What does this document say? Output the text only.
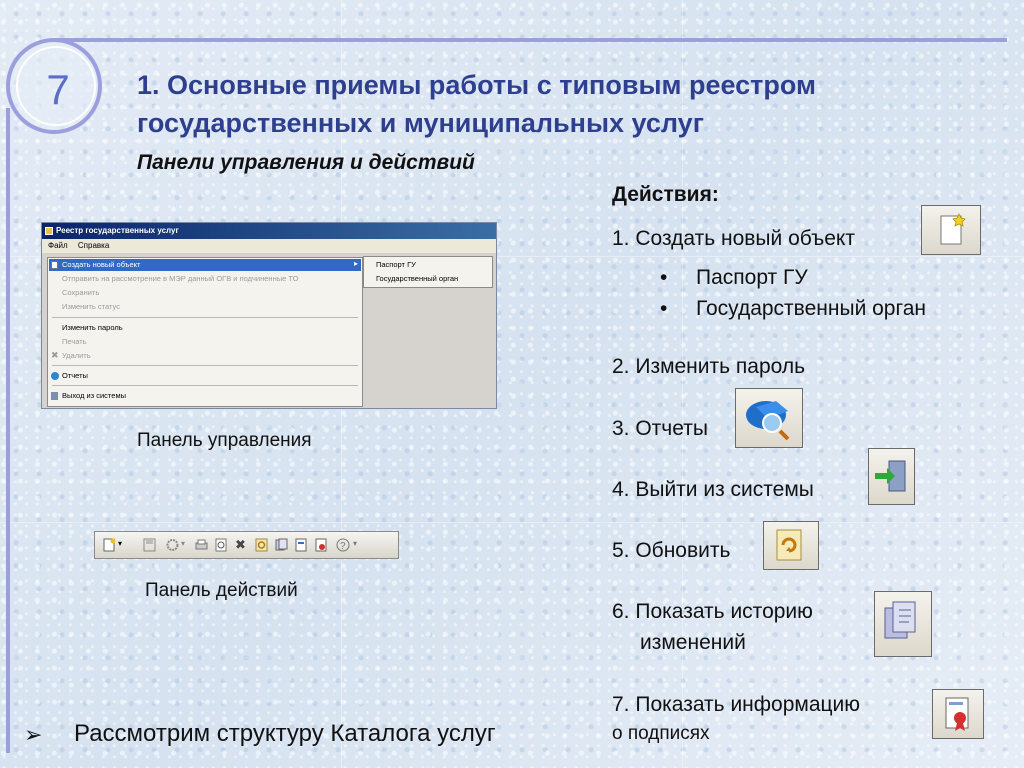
7	1. Основные приемы работы с типовым реестром государственных и муниципальных услуг
Панели управления и действий
Реестр государственных услуг
Файл Справка
Создать новый объект	▸
Отправить на рассмотрение в МЭР данный ОГВ и подчиненные ТО
Сохранить
Изменить статус
Изменить пароль
Печать
✖ Удалить
Отчеты
Выход из системы
Паспорт ГУ
Государственный орган
Панель управления
▾	▾	✖	? ▾
Панель действий
Действия:
1. Создать новый объект
• Паспорт ГУ
• Государственный орган
2. Изменить пароль
3. Отчеты
4. Выйти из системы
5. Обновить
6. Показать историю
изменений
7. Показать информацию
о подписях
➢ Рассмотрим структуру Каталога услуг
